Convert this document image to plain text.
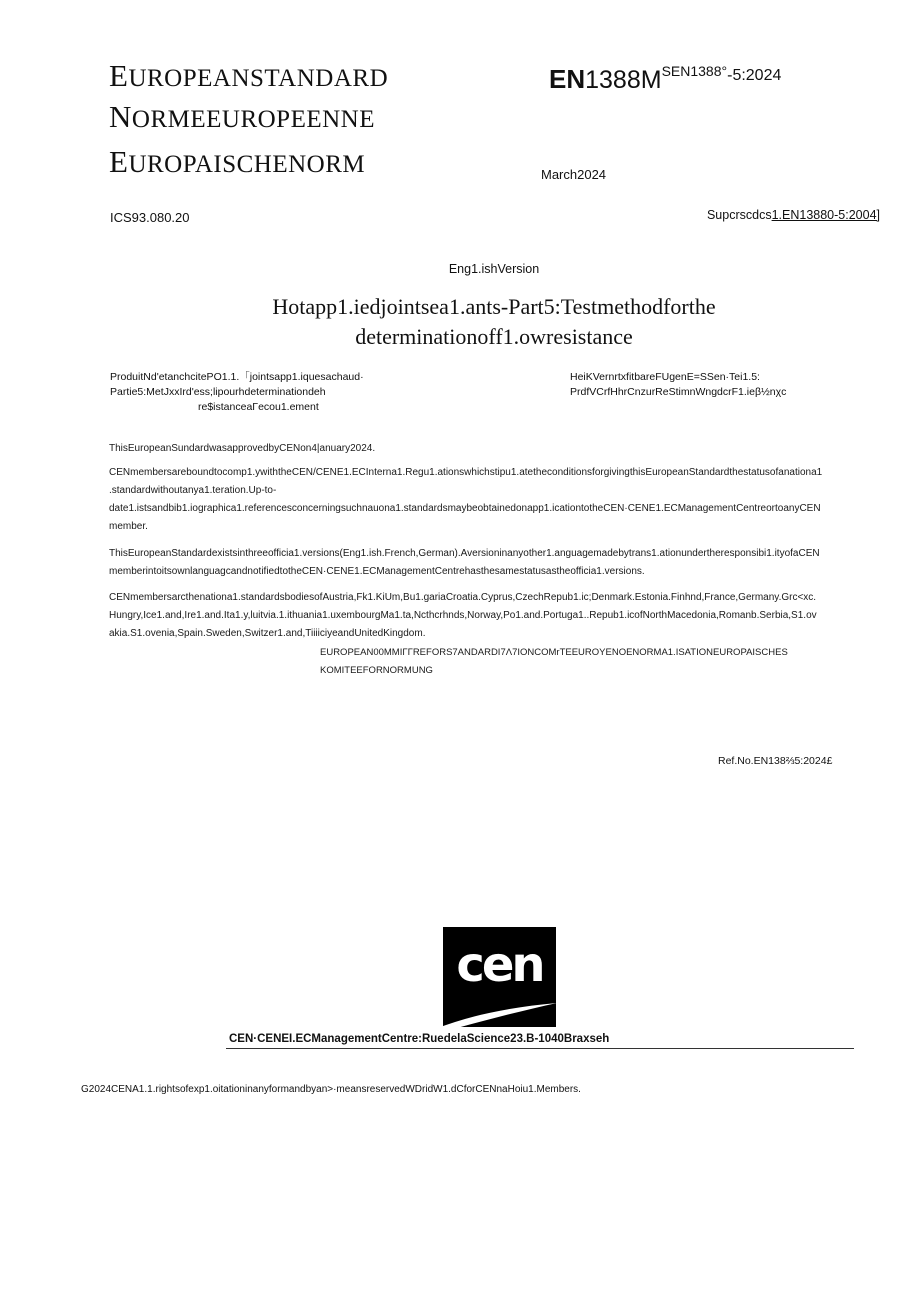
EUROPEANSTANDARD
NORMEEUROPEENNE
EUROPAISCHENORM
$EN1388M^{SEN1388^\circ-5:2024}$
March2024
ICS93.080.20	Supcrscdcs1.EN13880-5:2004]
Eng1.ishVersion
Hotapp1.iedjointsea1.ants-Part5:Testmethodforthe
determinationoff1.owresistance
ProduitNd'etanchcitePO1.1.「jointsapp1.iquesachaud·
Partie5:MetJxxIrd'ess;lipourhdeterminationdeh
re$istanceaΓecou1.ement
HeiKVernrtxfitbareFUgenE=SSen·Tei1.5:
PrdfVCrfHhrCnzurReStimnWngdcrF1.ieβ½nχc
ThisEuropeanSundardwasapprovedbyCENon4|anuary2024.
CENmembersareboundtocomp1.ywiththeCEN/CENE1.ECInterna1.Regu1.ationswhichstipu1.atetheconditionsforgivingthisEuropeanStandardthestatusofanationa1
.standardwithoutanya1.teration.Up-to-
date1.istsandbib1.iographica1.referencesconcerningsuchnauona1.standardsmaybeobtainedonapp1.icationtotheCEN·CENE1.ECManagementCentreortoanyCEN
member.
ThisEuropeanStandardexistsinthreeofficia1.versions(Eng1.ish.French,German).Aversioninanyother1.anguagemadebytrans1.ationundertheresponsibi1.ityofaCEN
memberintoitsownlanguagcandnotifiedtotheCEN·CENE1.ECManagementCentrehasthesamestatusastheofficia1.versions.
CENmembersarcthenationa1.standardsbodiesofAustria,Fk1.KiUm,Bu1.gariaCroatia.Cyprus,CzechRepub1.ic;Denmark.Estonia.Finhnd,France,Germany.Grc<xc.
Hungry,Ice1.and,Ire1.and.Ita1.y,luitvia.1.ithuania1.uxembourgMa1.ta,Ncthcrhnds,Norway,Po1.and.Portuga1..Repub1.icofNorthMacedonia,Romanb.Serbia,S1.ov
akia.S1.ovenia,Spain.Sweden,Switzer1.and,TiiiiciyeandUnitedKingdom.
EUROPEAN00MMIΓΓREFORS7ANDARDI7Λ7IONCOMrTEEUROYENOENORMA1.ISATIONEUROPAISCHES
KOMITEEFORNORMUNG
Ref.No.EN138⅔5:2024£
cen
CEN·CENEI.ECManagementCentre:RuedelaScience23.B-1040Braxseh
G2024CENA1.1.rightsofexp1.oitationinanyformandbyan>·meansreservedWDridW1.dCforCENnaHoiu1.Members.
